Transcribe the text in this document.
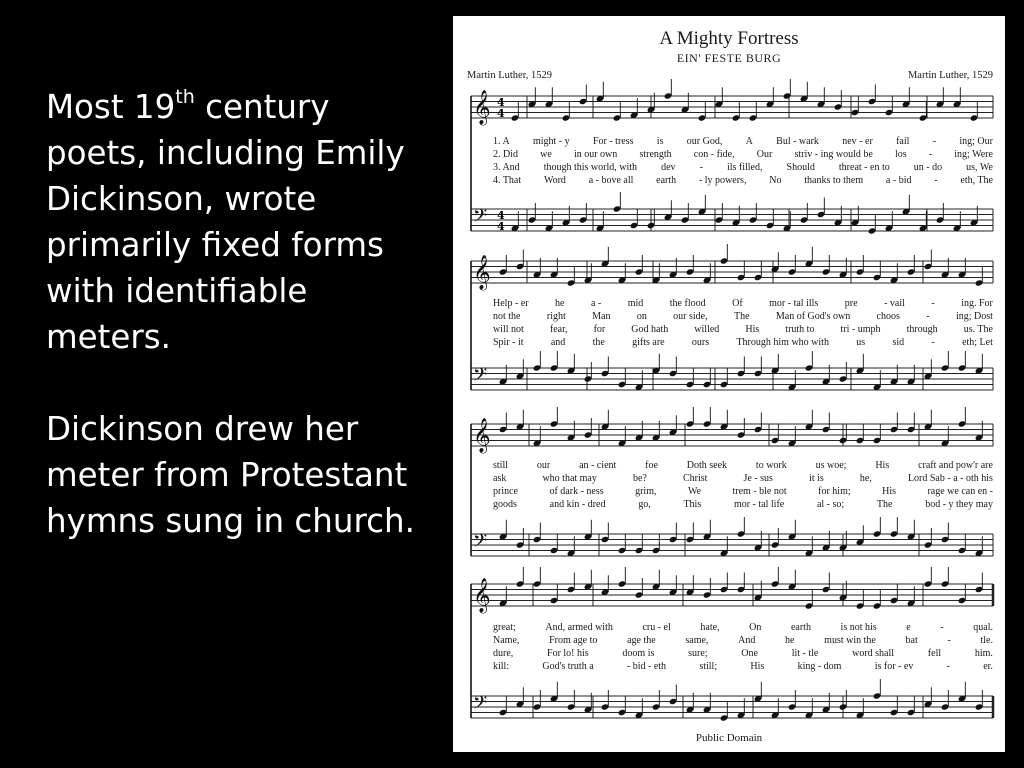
Most 19th century poets, including Emily Dickinson, wrote primarily fixed forms with identifiable meters.

Dickinson drew her meter from Protestant hymns sung in church.

𝄞 4
4
𝄢 4
4
𝄞
𝄢
𝄞
𝄢
𝄞
𝄢
A Mighty Fortress
EIN' FESTE BURG
Martin Luther, 1529	Martin Luther, 1529
Public Domain
1. A might - y For - tress is our God, A Bul - wark nev - er fail - ing; Our
2. Did we in our own strength con - fide, Our striv - ing would be los - ing; Were
3. And though this world, with dev - ils filled, Should threat - en to un - do us, We
4. That Word a - bove all earth - ly powers, No thanks to them a - bid - eth, The
Help - er	he	a -	mid	the flood	Of	mor - tal ills	pre	- vail	-	ing. For
not the	right	Man	on	our side,	The	Man of God's own	choos	-	ing; Dost
will not	fear,	for	God hath	willed	His	truth to	tri - umph	through	us. The
Spir - it	and	the	gifts are	ours	Through him who with	us	sid	-	eth; Let
still	our	an - cient	foe	Doth seek	to work	us woe;	His	craft and pow'r are
ask	who that may	be?	Christ	Je - sus	it is	he,	Lord Sab - a - oth his
prince	of dark - ness	grim,	We	trem - ble not	for him;	His	rage we can en -
goods	and kin - dred	go,	This	mor - tal life	al - so;	The	bod - y they may
great;	And, armed with	cru - el	hate,	On	earth	is not his	e	-	qual.
Name,	From age to	age the	same,	And	he	must win the	bat	-	tle.
dure,	For lo! his	doom is	sure;	One	lit - tle	word shall	fell	him.
kill:	God's truth a	- bid - eth	still;	His	king - dom	is for - ev	-	er.
